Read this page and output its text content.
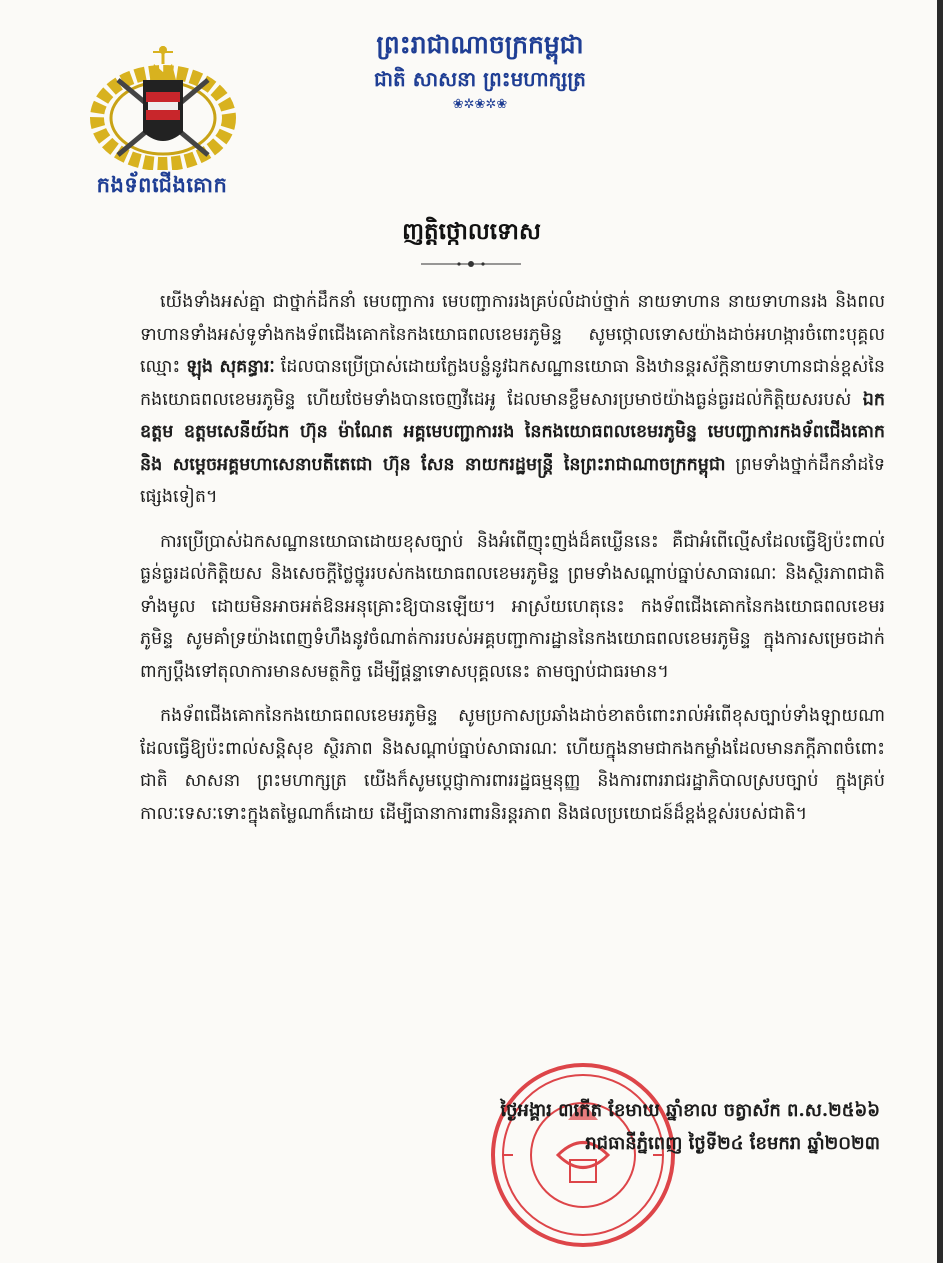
កងទ័ពជើងគោក
ព្រះរាជាណាចក្រកម្ពុជា
ជាតិ សាសនា ព្រះមហាក្សត្រ
❀✲❀✲❀
ញត្តិថ្កោលទោស

យើងទាំងអស់គ្នា ជាថ្នាក់ដឹកនាំ មេបញ្ជាការ មេបញ្ជាការរងគ្រប់លំដាប់ថ្នាក់ នាយទាហាន នាយទាហានរង និងពលទាហានទាំងអស់ទូទាំងកងទ័ពជើងគោកនៃកងយោធពលខេមរភូមិន្ទ សូមថ្កោលទោសយ៉ាងដាច់អហង្ការចំពោះបុគ្គលឈ្មោះ ឡុង សុគន្ធារៈ ដែលបានប្រើប្រាស់ដោយក្លែងបន្លំនូវឯកសណ្ឋានយោធា និងឋានន្តរស័ក្តិនាយទាហានជាន់ខ្ពស់នៃកងយោធពលខេមរភូមិន្ទ ហើយថែមទាំងបានចេញវីដេអូ ដែលមានខ្លឹមសារប្រមាថយ៉ាងធ្ងន់ធ្ងរដល់កិត្តិយសរបស់ ឯកឧត្តម ឧត្តមសេនីយ៍ឯក ហ៊ុន ម៉ាណែត អគ្គមេបញ្ជាការរង នៃកងយោធពលខេមរភូមិន្ទ មេបញ្ជាការកងទ័ពជើងគោក និង សម្តេចអគ្គមហាសេនាបតីតេជោ ហ៊ុន សែន នាយករដ្ឋមន្ត្រី នៃព្រះរាជាណាចក្រកម្ពុជា ព្រមទាំងថ្នាក់ដឹកនាំដទៃផ្សេងទៀត។

ការប្រើប្រាស់ឯកសណ្ឋានយោធាដោយខុសច្បាប់ និងអំពើញុះញង់ដ៏គឃ្លើននេះ គឺជាអំពើល្មើសដែលធ្វើឱ្យប៉ះពាល់ធ្ងន់ធ្ងរដល់កិត្តិយស និងសេចក្តីថ្លៃថ្នូររបស់កងយោធពលខេមរភូមិន្ទ ព្រមទាំងសណ្តាប់ធ្នាប់សាធារណៈ និងស្ថិរភាពជាតិទាំងមូល ដោយមិនអាចអត់ឱនអនុគ្រោះឱ្យបានឡើយ។ អាស្រ័យហេតុនេះ កងទ័ពជើងគោកនៃកងយោធពលខេមរភូមិន្ទ សូមគាំទ្រយ៉ាងពេញទំហឹងនូវចំណាត់ការរបស់អគ្គបញ្ជាការដ្ឋាននៃកងយោធពលខេមរភូមិន្ទ ក្នុងការសម្រេចដាក់ពាក្យប្តឹងទៅតុលាការមានសមត្ថកិច្ច ដើម្បីផ្តន្ទាទោសបុគ្គលនេះ តាមច្បាប់ជាធរមាន។

កងទ័ពជើងគោកនៃកងយោធពលខេមរភូមិន្ទ សូមប្រកាសប្រឆាំងដាច់ខាតចំពោះរាល់អំពើខុសច្បាប់ទាំងឡាយណា ដែលធ្វើឱ្យប៉ះពាល់សន្តិសុខ ស្ថិរភាព និងសណ្តាប់ធ្នាប់សាធារណៈ ហើយក្នុងនាមជាកងកម្លាំងដែលមានភក្តីភាពចំពោះ ជាតិ សាសនា ព្រះមហាក្សត្រ យើងក៏សូមប្តេជ្ញាការពាររដ្ឋធម្មនុញ្ញ និងការពាររាជរដ្ឋាភិបាលស្របច្បាប់ ក្នុងគ្រប់កាលៈទេសៈទោះក្នុងតម្លៃណាក៏ដោយ ដើម្បីធានាការពារនិរន្តរភាព និងផលប្រយោជន៍ដ៏ខ្ពង់ខ្ពស់របស់ជាតិ។

ថ្ងៃអង្គារ ៣កើត ខែមាឃ ឆ្នាំខាល ចត្វាស័ក ព.ស.២៥៦៦
រាជធានីភ្នំពេញ ថ្ងៃទី២៤ ខែមករា ឆ្នាំ២០២៣
